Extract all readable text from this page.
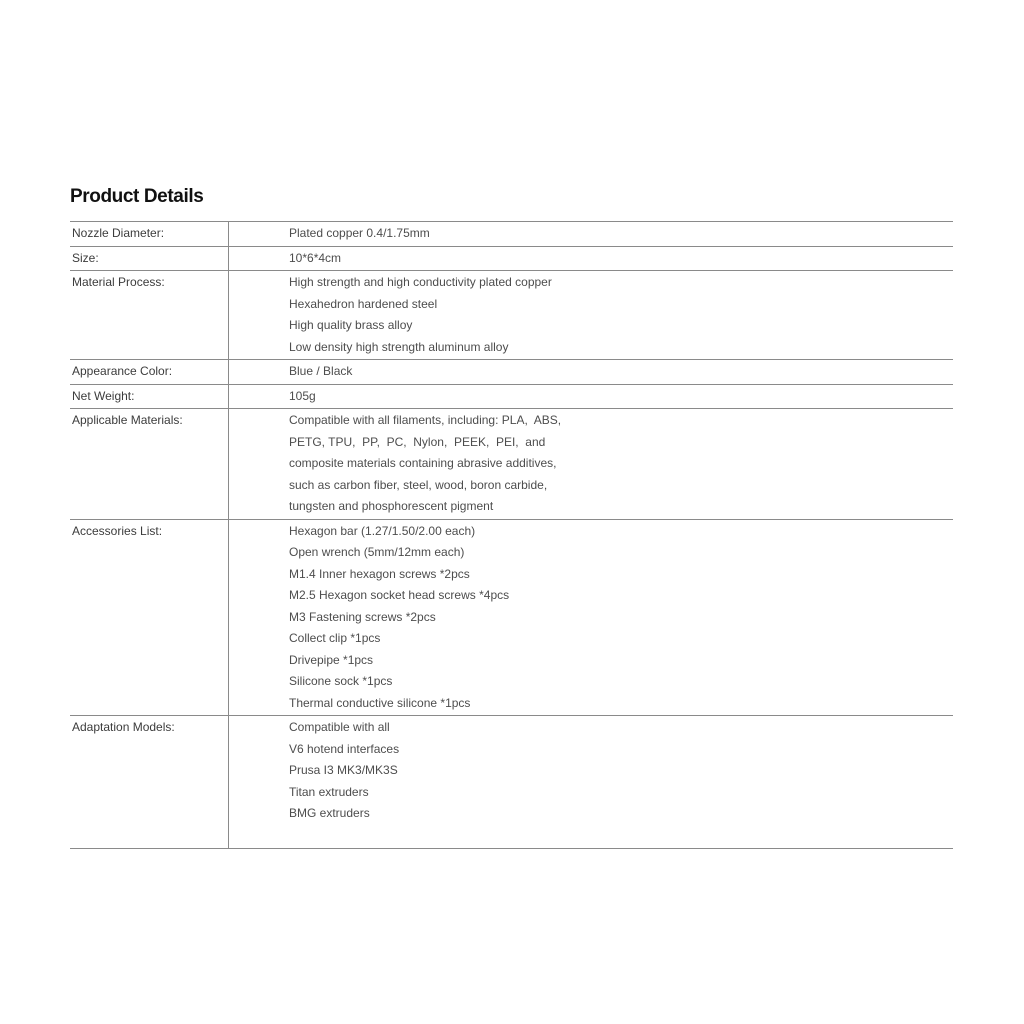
Product Details
Nozzle Diameter:	Plated copper 0.4/1.75mm
Size:	10*6*4cm
Material Process:	High strength and high conductivity plated copper
Hexahedron hardened steel
High quality brass alloy
Low density high strength aluminum alloy
Appearance Color:	Blue / Black
Net Weight:	105g
Applicable Materials:	Compatible with all filaments, including: PLA,  ABS,
PETG, TPU,  PP,  PC,  Nylon,  PEEK,  PEI,  and
composite materials containing abrasive additives,
such as carbon fiber, steel, wood, boron carbide,
tungsten and phosphorescent pigment
Accessories List:	Hexagon bar (1.27/1.50/2.00 each)
Open wrench (5mm/12mm each)
M1.4 Inner hexagon screws *2pcs
M2.5 Hexagon socket head screws *4pcs
M3 Fastening screws *2pcs
Collect clip *1pcs
Drivepipe *1pcs
Silicone sock *1pcs
Thermal conductive silicone *1pcs
Adaptation Models:	Compatible with all
V6 hotend interfaces
Prusa I3 MK3/MK3S
Titan extruders
BMG extruders
